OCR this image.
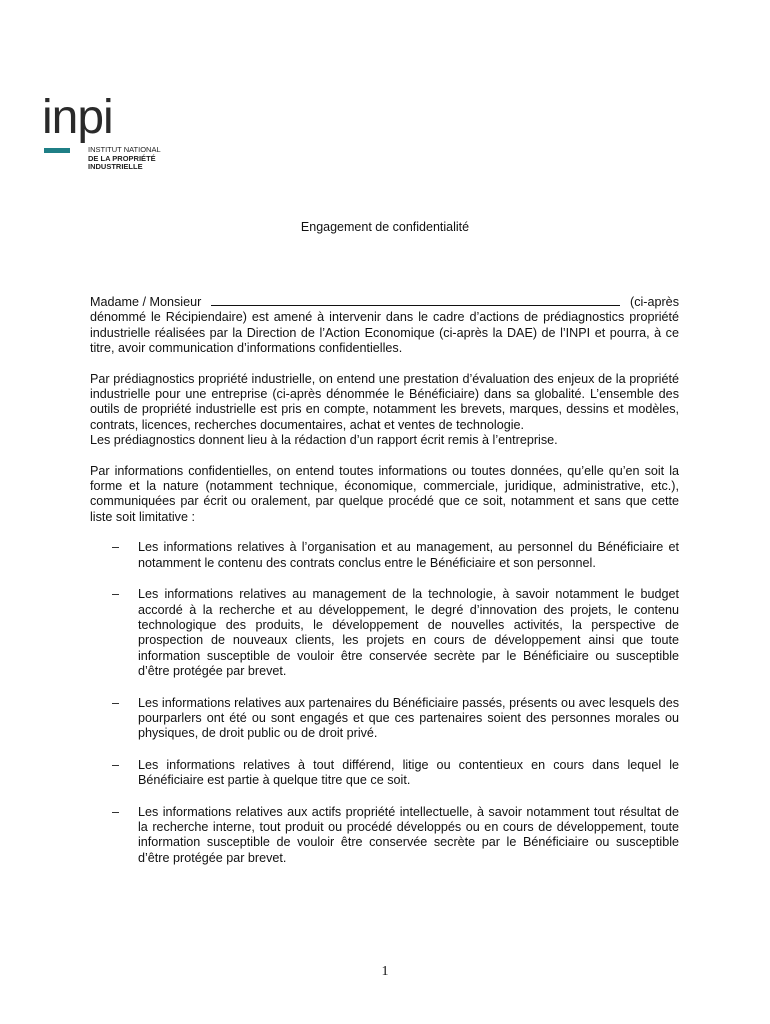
inpi
INSTITUT NATIONAL
DE LA PROPRIÉTÉ
INDUSTRIELLE
Engagement de confidentialité
Madame / Monsieur	(ci-après
dénommé le Récipiendaire) est amené à intervenir dans le cadre d’actions de prédiagnostics propriété industrielle réalisées par la Direction de l’Action Economique (ci-après la DAE) de l’INPI et pourra, à ce titre, avoir communication d’informations confidentielles.
Par prédiagnostics propriété industrielle, on entend une prestation d’évaluation des enjeux de la propriété industrielle pour une entreprise (ci-après dénommée le Bénéficiaire) dans sa globalité. L’ensemble des outils de propriété industrielle est pris en compte, notamment les brevets, marques, dessins et modèles, contrats, licences, recherches documentaires, achat et ventes de technologie.
Les prédiagnostics donnent lieu à la rédaction d’un rapport écrit remis à l’entreprise.
Par informations confidentielles, on entend toutes informations ou toutes données, qu’elle qu’en soit la forme et la nature (notamment technique, économique, commerciale, juridique, administrative, etc.), communiquées par écrit ou oralement, par quelque procédé que ce soit, notamment et sans que cette liste soit limitative :
– Les informations relatives à l’organisation et au management, au personnel du Bénéficiaire et notamment le contenu des contrats conclus entre le Bénéficiaire et son personnel.
– Les informations relatives au management de la technologie, à savoir notamment le budget accordé à la recherche et au développement, le degré d’innovation des projets, le contenu technologique des produits, le développement de nouvelles activités, la perspective de prospection de nouveaux clients, les projets en cours de développement ainsi que toute information susceptible de vouloir être conservée secrète par le Bénéficiaire ou susceptible d’être protégée par brevet.
– Les informations relatives aux partenaires du Bénéficiaire passés, présents ou avec lesquels des pourparlers ont été ou sont engagés et que ces partenaires soient des personnes morales ou physiques, de droit public ou de droit privé.
– Les informations relatives à tout différend, litige ou contentieux en cours dans lequel le Bénéficiaire est partie à quelque titre que ce soit.
– Les informations relatives aux actifs propriété intellectuelle, à savoir notamment tout résultat de la recherche interne, tout produit ou procédé développés ou en cours de développement, toute information susceptible de vouloir être conservée secrète par le Bénéficiaire ou susceptible d’être protégée par brevet.
1
